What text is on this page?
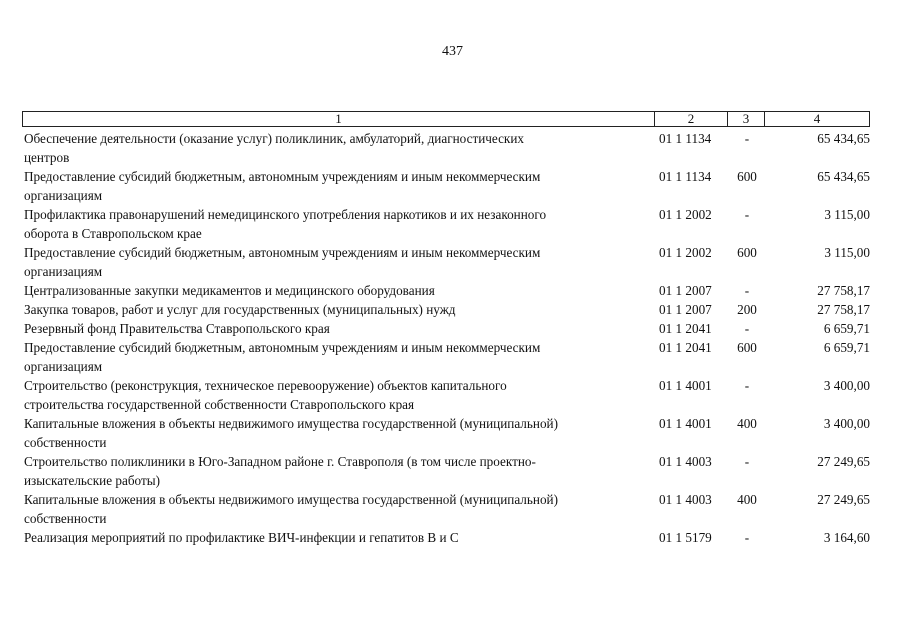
437
1	2	3	4
Обеспечение деятельности (оказание услуг) поликлиник, амбулаторий, диагностических
центров
01 1 1134	-	65 434,65
Предоставление субсидий бюджетным, автономным учреждениям и иным некоммерческим
организациям
01 1 1134	600	65 434,65
Профилактика правонарушений немедицинского употребления наркотиков и их незаконного
оборота в Ставропольском крае
01 1 2002	-	3 115,00
Предоставление субсидий бюджетным, автономным учреждениям и иным некоммерческим
организациям
01 1 2002	600	3 115,00
Централизованные закупки медикаментов и медицинского оборудования	01 1 2007	-	27 758,17
Закупка товаров, работ и услуг для государственных (муниципальных) нужд	01 1 2007	200	27 758,17
Резервный фонд Правительства Ставропольского края	01 1 2041	-	6 659,71
Предоставление субсидий бюджетным, автономным учреждениям и иным некоммерческим
организациям
01 1 2041	600	6 659,71
Строительство (реконструкция, техническое перевооружение) объектов капитального
строительства государственной собственности Ставропольского края
01 1 4001	-	3 400,00
Капитальные вложения в объекты недвижимого имущества государственной (муниципальной)
собственности
01 1 4001	400	3 400,00
Строительство поликлиники в Юго-Западном районе г. Ставрополя (в том числе проектно-
изыскательские работы)
01 1 4003	-	27 249,65
Капитальные вложения в объекты недвижимого имущества государственной (муниципальной)
собственности
01 1 4003	400	27 249,65
Реализация мероприятий по профилактике ВИЧ-инфекции и гепатитов В и С	01 1 5179	-	3 164,60
